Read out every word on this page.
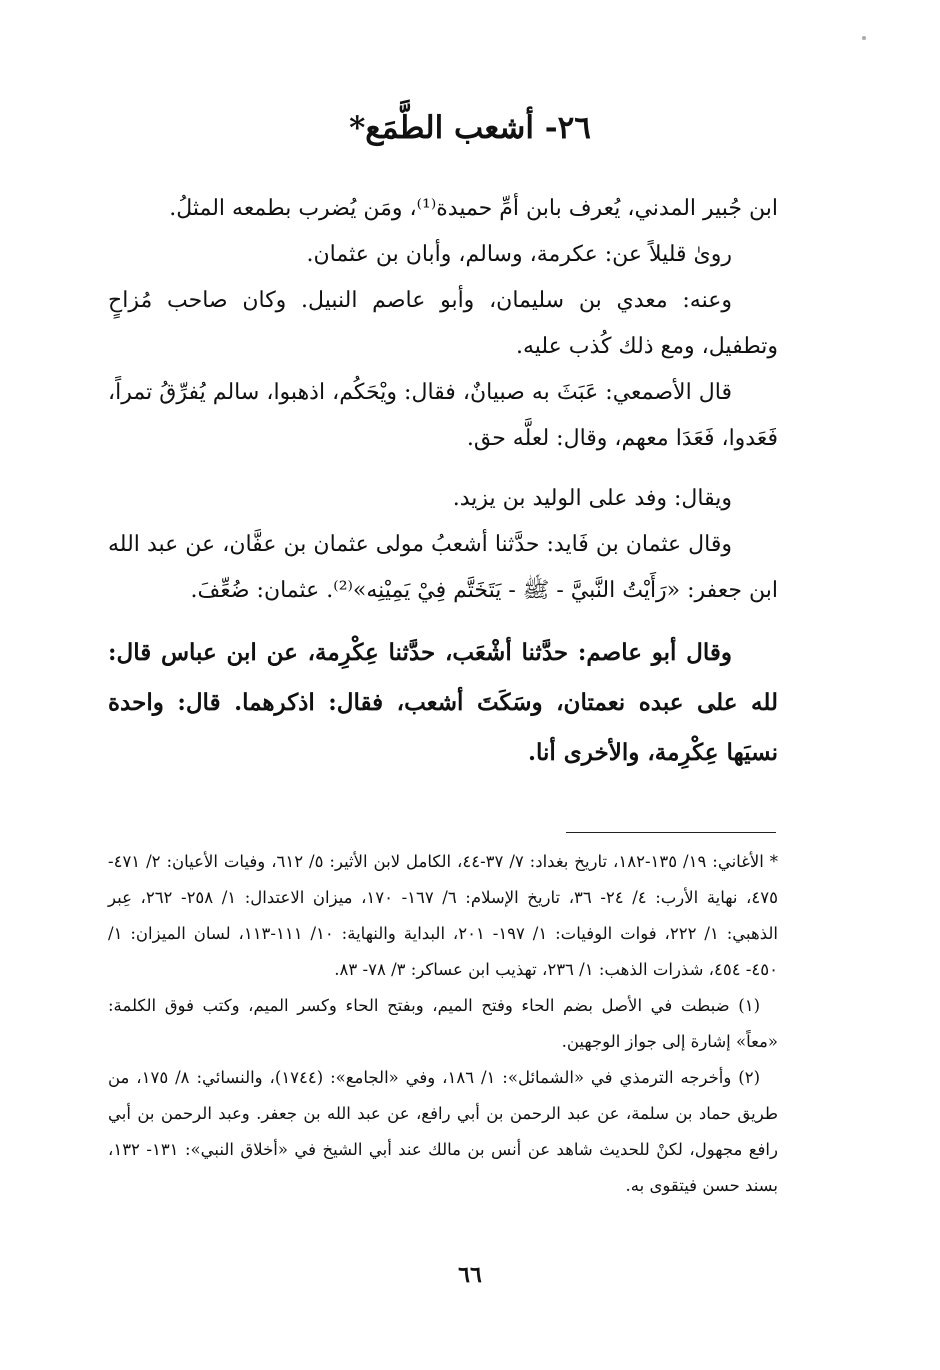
٢٦- أشعب الطَّمَع*

ابن جُبير المدني، يُعرف بابن أمِّ حميدة⁽¹⁾، ومَن يُضرب بطمعه المثلُ.

روىٰ قليلاً عن: عكرمة، وسالم، وأبان بن عثمان.

وعنه: معدي بن سليمان، وأبو عاصم النبيل. وكان صاحب مُزاحٍ وتطفيل، ومع ذلك كُذب عليه.

قال الأصمعي: عَبَثَ به صبيانٌ، فقال: ويْحَكُم، اذهبوا، سالم يُفرِّقُ تمراً، فَعَدوا، فَعَدَا معهم، وقال: لعلَّه حق.

ويقال: وفد على الوليد بن يزيد.

وقال عثمان بن فَايد: حدَّثنا أشعبُ مولى عثمان بن عفَّان، عن عبد الله ابن جعفر: «رَأَيْتُ النَّبيَّ - ﷺ - يَتَخَتَّم فِيْ يَمِيْنِه»⁽²⁾. عثمان: ضُعِّفَ.

وقال أبو عاصم: حدَّثنا أشْعَب، حدَّثنا عِكْرِمة، عن ابن عباس قال: لله على عبده نعمتان، وسَكَتَ أشعب، فقال: اذكرهما. قال: واحدة نسيَها عِكْرِمة، والأخرى أنا.

* الأغاني: ١٩/ ١٣٥-١٨٢، تاريخ بغداد: ٧/ ٣٧-٤٤، الكامل لابن الأثير: ٥/ ٦١٢، وفيات الأعيان: ٢/ ٤٧١- ٤٧٥، نهاية الأرب: ٤/ ٢٤- ٣٦، تاريخ الإسلام: ٦/ ١٦٧- ١٧٠، ميزان الاعتدال: ١/ ٢٥٨- ٢٦٢، عِبر الذهبي: ١/ ٢٢٢، فوات الوفيات: ١/ ١٩٧- ٢٠١، البداية والنهاية: ١٠/ ١١١-١١٣، لسان الميزان: ١/ ٤٥٠- ٤٥٤، شذرات الذهب: ١/ ٢٣٦، تهذيب ابن عساكر: ٣/ ٧٨- ٨٣.

(١) ضبطت في الأصل بضم الحاء وفتح الميم، وبفتح الحاء وكسر الميم، وكتب فوق الكلمة: «معاً» إشارة إلى جواز الوجهين.

(٢) وأخرجه الترمذي في «الشمائل»: ١/ ١٨٦، وفي «الجامع»: (١٧٤٤)، والنسائي: ٨/ ١٧٥، من طريق حماد بن سلمة، عن عبد الرحمن بن أبي رافع، عن عبد الله بن جعفر. وعبد الرحمن بن أبي رافع مجهول، لكنْ للحديث شاهد عن أنس بن مالك عند أبي الشيخ في «أخلاق النبي»: ١٣١- ١٣٢، بسند حسن فيتقوى به.

٦٦
